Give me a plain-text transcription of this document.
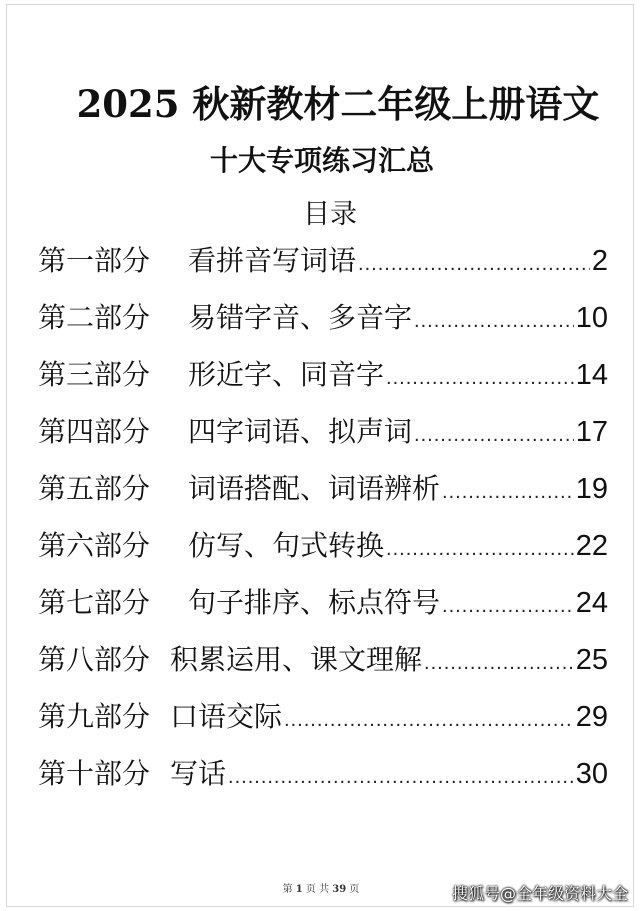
2025 秋新教材二年级上册语文
十大专项练习汇总
目录
第一部分 看拼音写词语 .....	2
第二部分 易错字音、多音字 .....	10
第三部分 形近字、同音字 .....	14
第四部分 四字词语、拟声词 .....	17
第五部分 词语搭配、词语辨析 .....	19
第六部分 仿写、句式转换 .....	22
第七部分 句子排序、标点符号 .....	24
第八部分 积累运用、课文理解 .....	25
第九部分 口语交际 .....	29
第十部分 写话 .....	30
第 1 页 共 39 页	搜狐号@全年级资料大全
